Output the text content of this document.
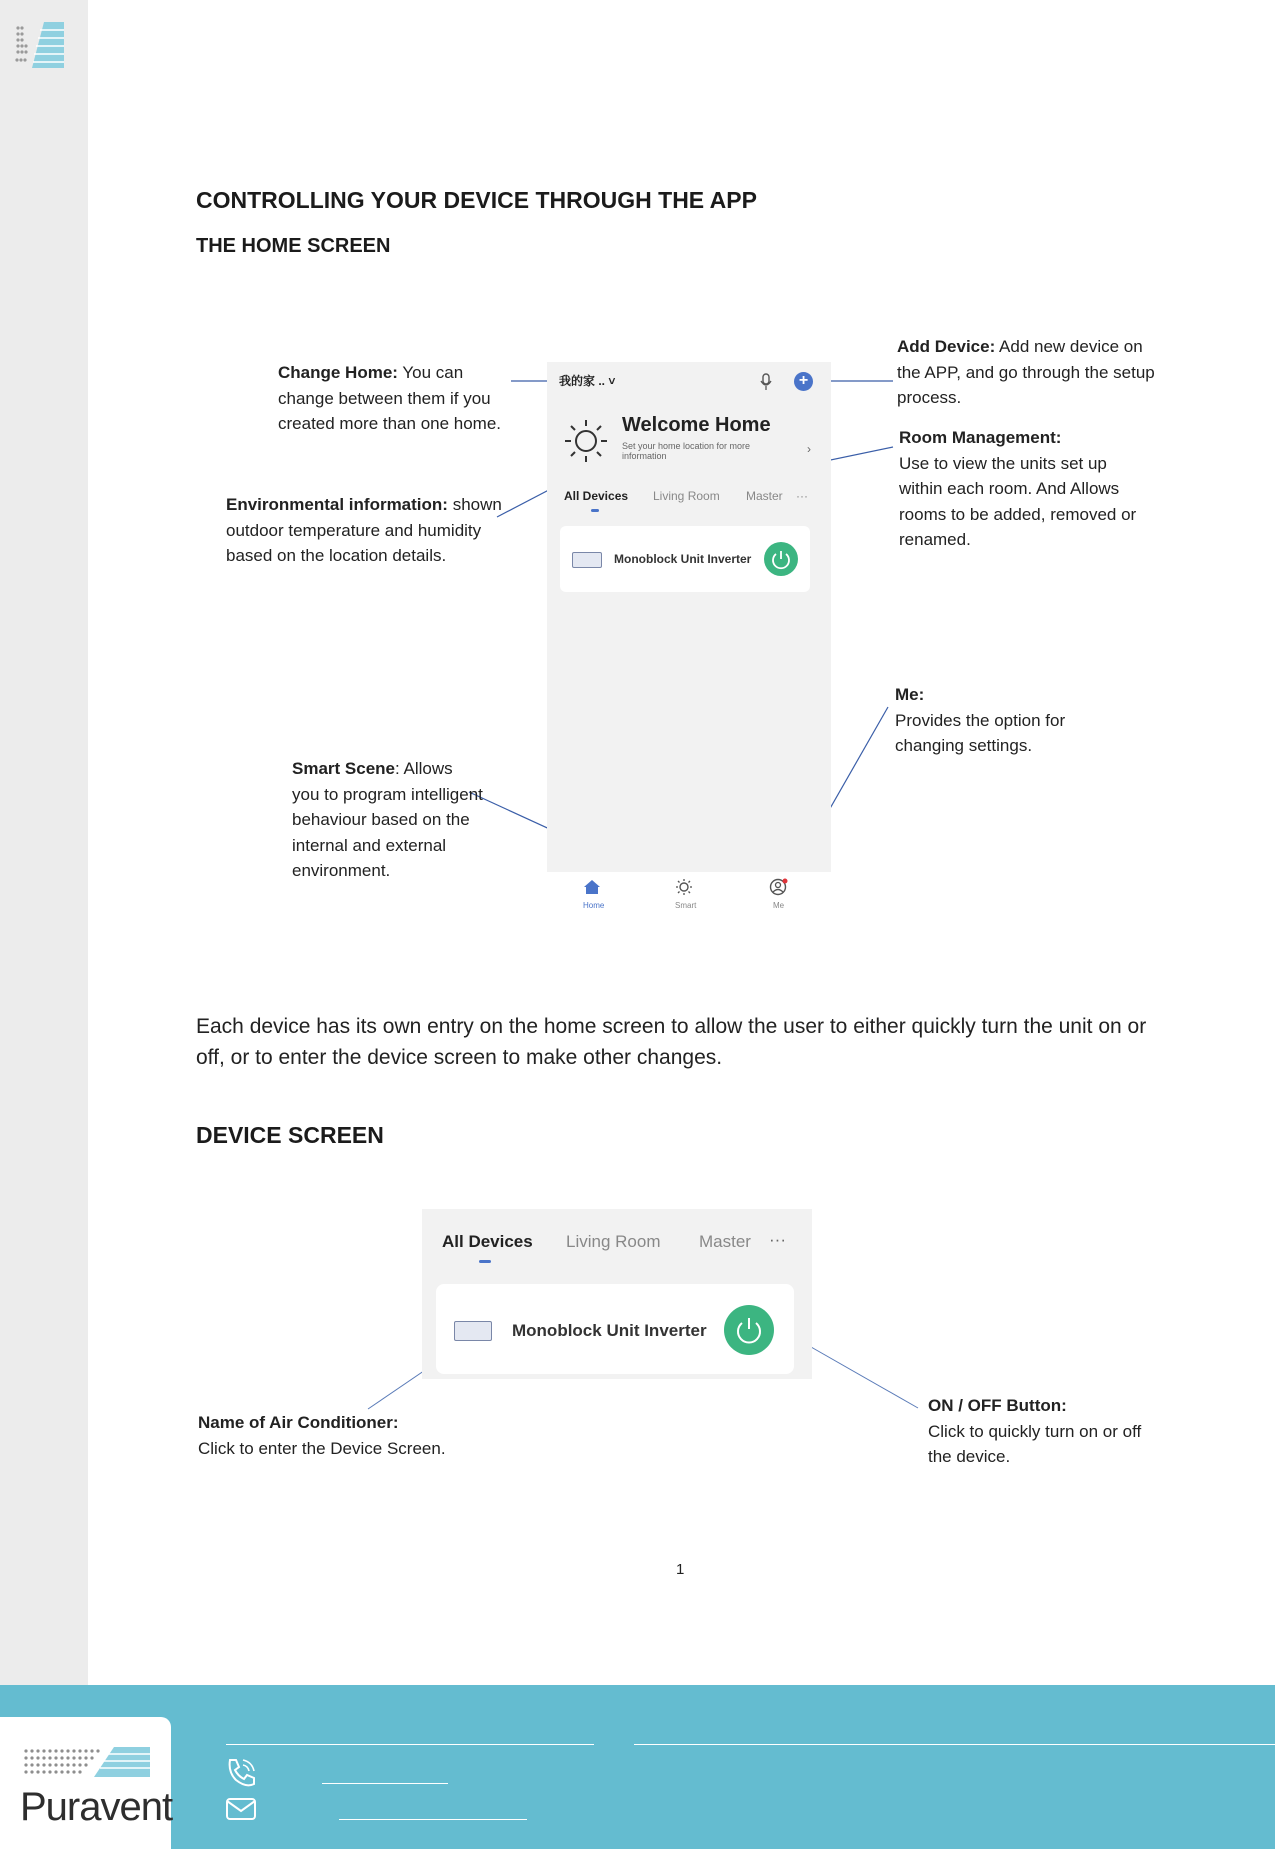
CONTROLLING YOUR DEVICE THROUGH THE APP
THE HOME SCREEN
Change Home: You can change between them if you created more than one home.
Environmental information: shown outdoor temperature and humidity based on the location details.
Smart Scene: Allows you to program intelligent behaviour based on the internal and external environment.
Add Device: Add new device on the APP, and go through the setup process.
Room Management:
Use to view the units set up within each room. And Allows rooms to be added, removed or renamed.
Me:
Provides the option for changing settings.
我的家 .. ˅	+
Welcome Home
Set your home location for more information	›
All Devices Living Room Master ···
Monoblock Unit Inverter
Home	Smart	Me
Each device has its own entry on the home screen to allow the user to either quickly turn the unit on or off, or to enter the device screen to make other changes.
DEVICE SCREEN
All Devices Living Room Master ···
Monoblock Unit Inverter
Name of Air Conditioner:
Click to enter the Device Screen.
ON / OFF Button:
Click to quickly turn on or off the device.
1
Puravent
